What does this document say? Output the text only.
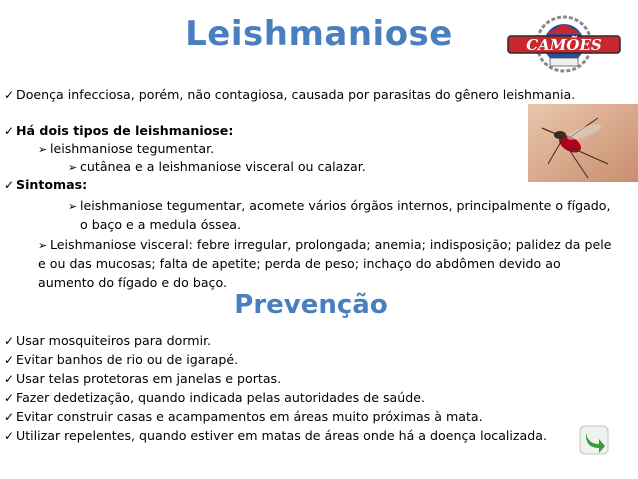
Leishmaniose	CAMÕES
✓ Doença infecciosa, porém, não contagiosa, causada por parasitas do gênero leishmania.
✓ Há dois tipos de leishmaniose:
➢ leishmaniose tegumentar.
➢ cutânea e a leishmaniose visceral ou calazar.
✓ Sintomas:
➢ leishmaniose tegumentar, acomete vários órgãos internos, principalmente o fígado,
o baço e a medula óssea.
➢ Leishmaniose visceral: febre irregular, prolongada; anemia; indisposição; palidez da pele
e ou das mucosas; falta de apetite; perda de peso; inchaço do abdômen devido ao
aumento do fígado e do baço.
Prevenção
✓ Usar mosquiteiros para dormir.
✓ Evitar banhos de rio ou de igarapé.
✓ Usar telas protetoras em janelas e portas.
✓ Fazer dedetização, quando indicada pelas autoridades de saúde.
✓ Evitar construir casas e acampamentos em áreas muito próximas à mata.
✓ Utilizar repelentes, quando estiver em matas de áreas onde há a doença localizada.
